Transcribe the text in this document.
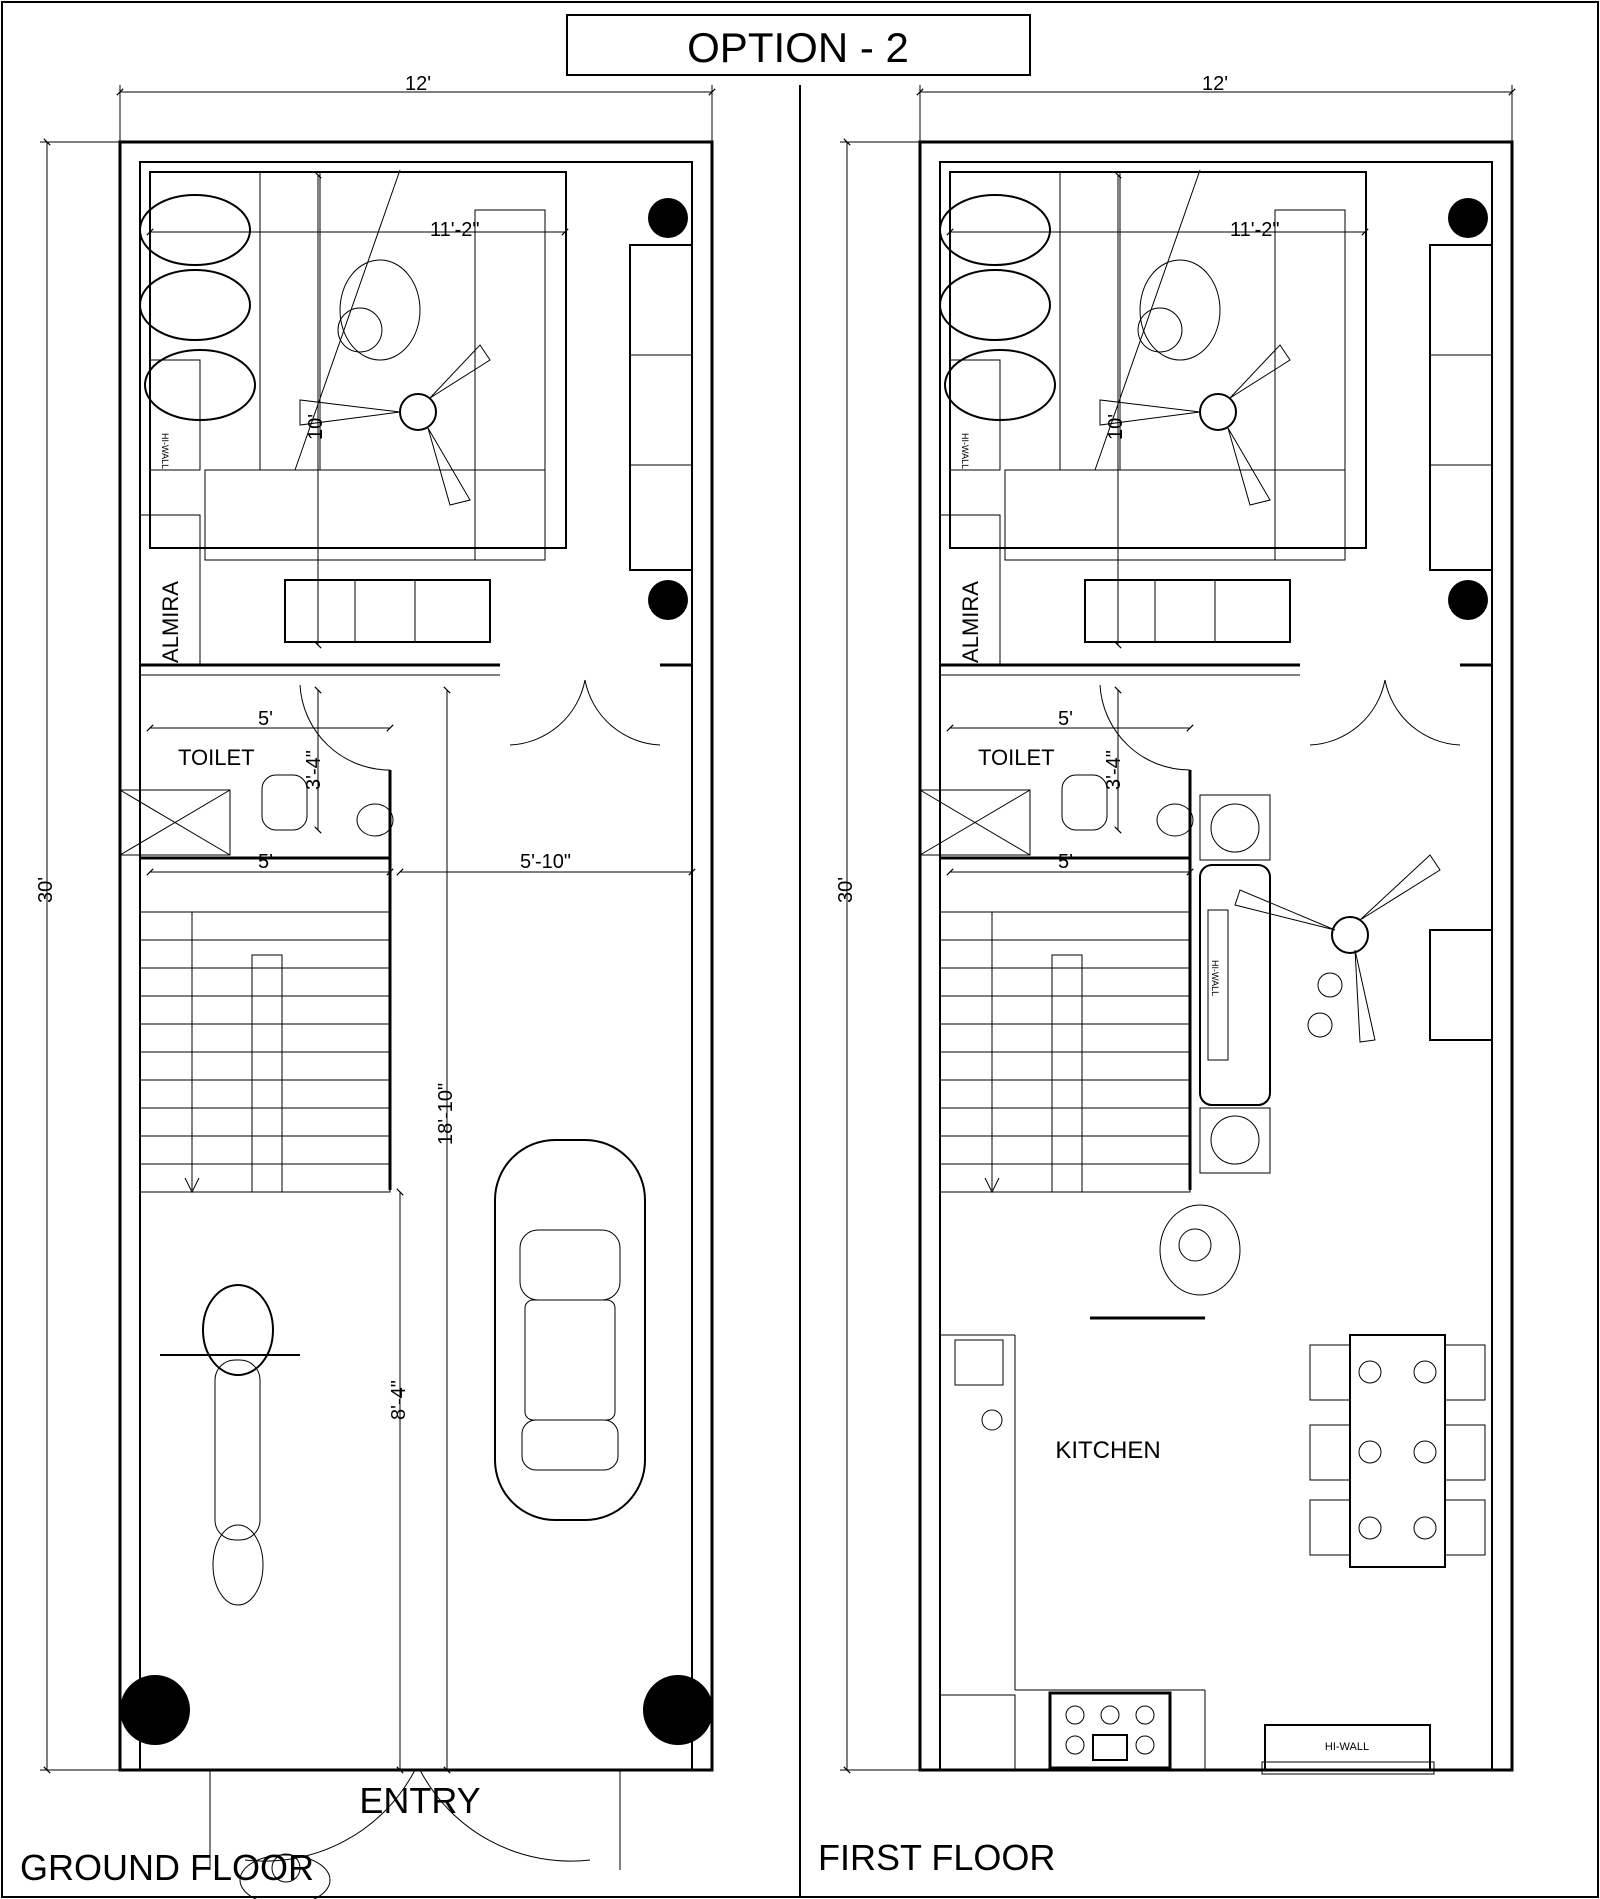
OPTION - 2
12'
30'
HI-WALL
ALMIRA
11'-2"
10'
TOILET
5'
3'-4"
5'	5'-10"
18'-10"
8'-4"
ENTRY
GROUND FLOOR
12'
30'
HI-WALL
ALMIRA
11'-2"
10'
TOILET
5'
3'-4"
5'
HI-WALL
KITCHEN
HI-WALL
FIRST FLOOR
